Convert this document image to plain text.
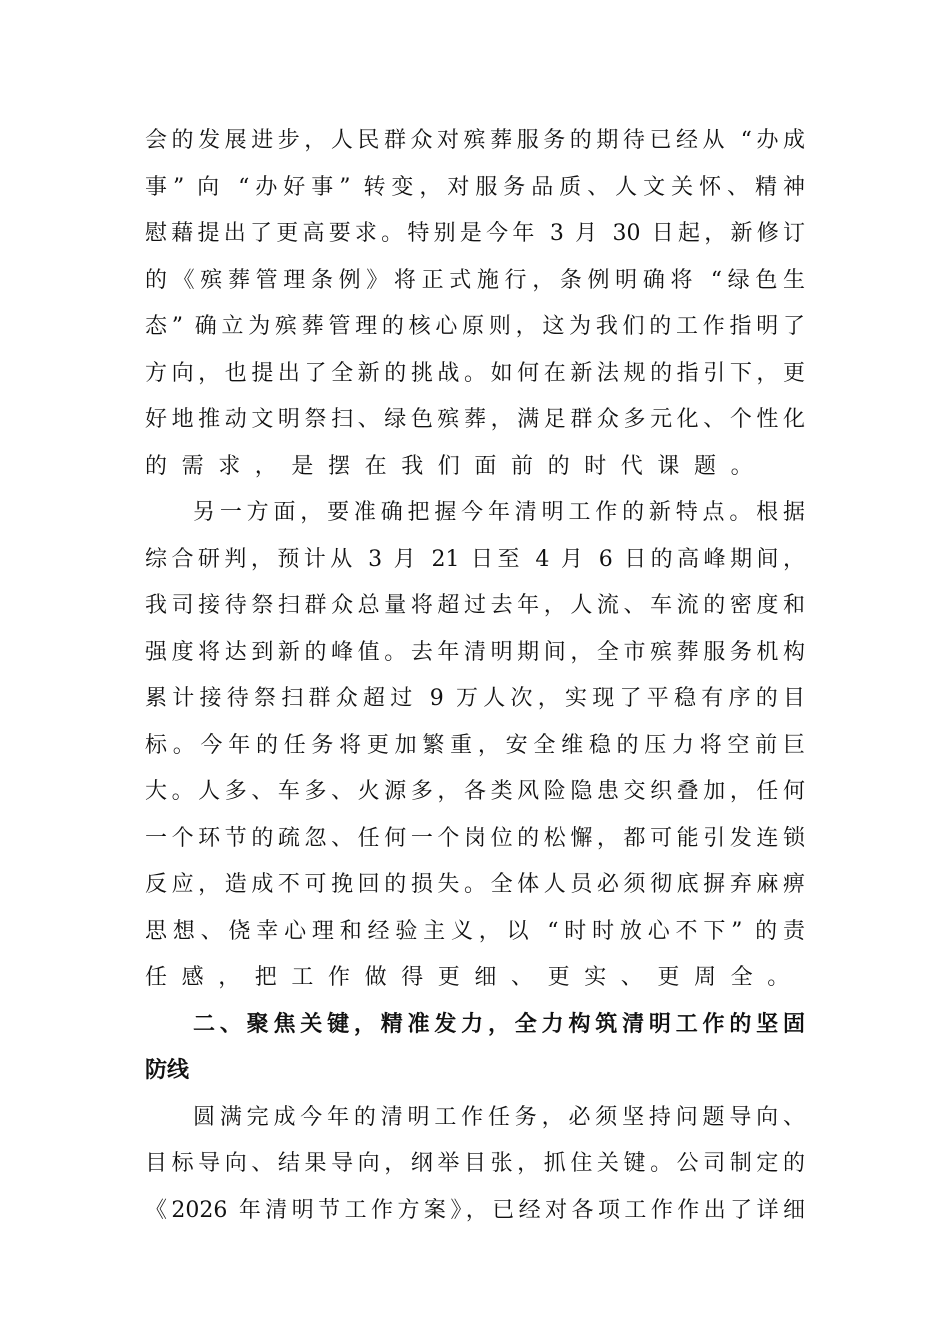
会的发展进步，人民群众对殡葬服务的期待已经从 “办成
事” 向 “办好事” 转变，对服务品质、人文关怀、精神
慰藉提出了更高要求。特别是今年 3 月 30 日起，新修订
的《殡葬管理条例》将正式施行，条例明确将 “绿色生
态” 确立为殡葬管理的核心原则，这为我们的工作指明了
方向，也提出了全新的挑战。如何在新法规的指引下，更
好地推动文明祭扫、绿色殡葬，满足群众多元化、个性化
的需求，是摆在我们面前的时代课题。
另一方面，要准确把握今年清明工作的新特点。根据
综合研判，预计从 3 月 21 日至 4 月 6 日的高峰期间，
我司接待祭扫群众总量将超过去年，人流、车流的密度和
强度将达到新的峰值。去年清明期间，全市殡葬服务机构
累计接待祭扫群众超过 9 万人次，实现了平稳有序的目
标。今年的任务将更加繁重，安全维稳的压力将空前巨
大。人多、车多、火源多，各类风险隐患交织叠加，任何
一个环节的疏忽、任何一个岗位的松懈，都可能引发连锁
反应，造成不可挽回的损失。全体人员必须彻底摒弃麻痹
思想、侥幸心理和经验主义，以 “时时放心不下” 的责
任感，把工作做得更细、更实、更周全。
二、聚焦关键，精准发力，全力构筑清明工作的坚固
防线
圆满完成今年的清明工作任务，必须坚持问题导向、
目标导向、结果导向，纲举目张，抓住关键。公司制定的
《2026 年清明节工作方案》，已经对各项工作作出了详细
